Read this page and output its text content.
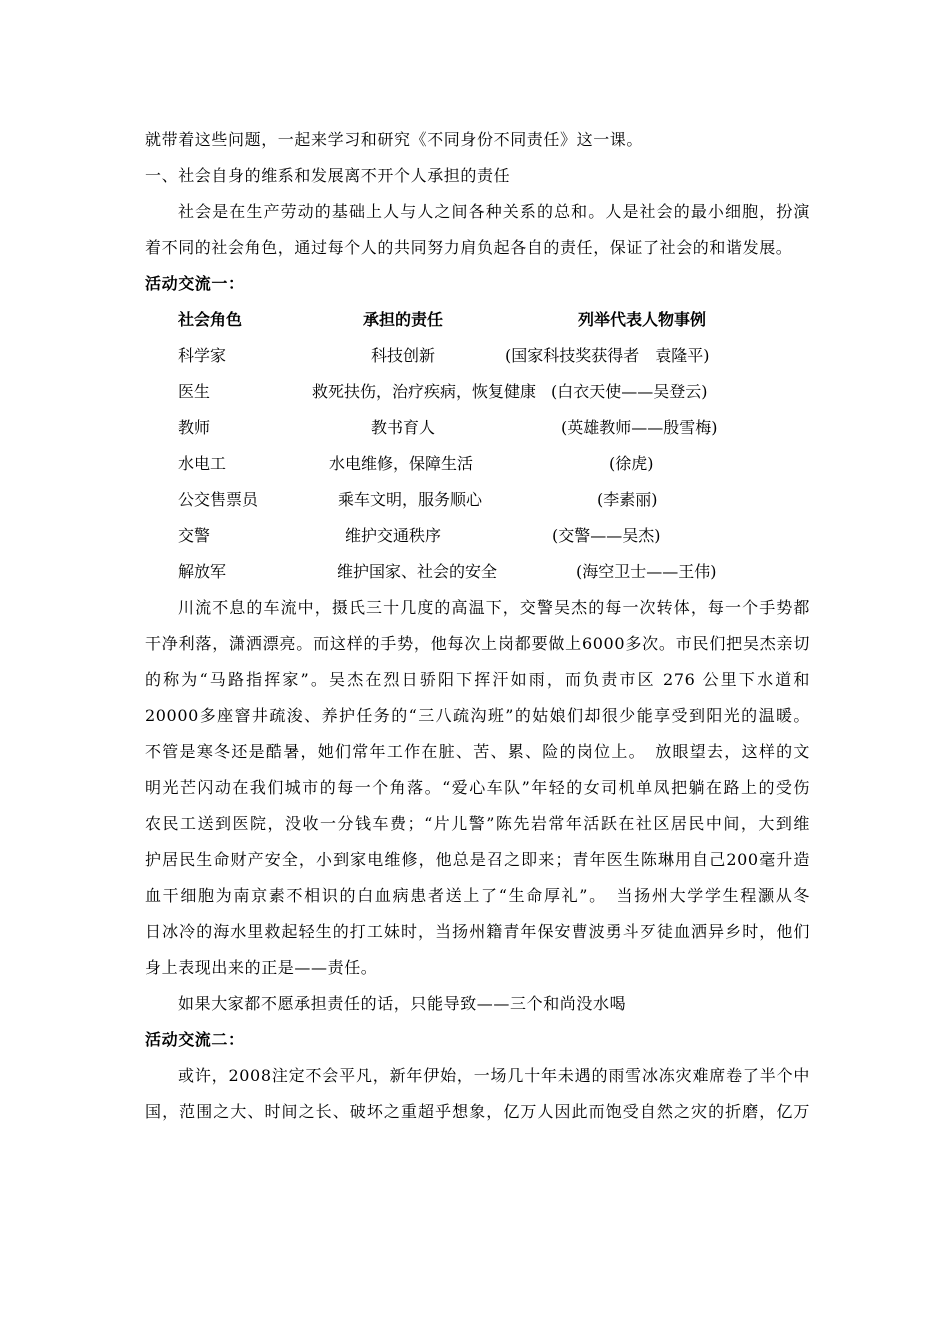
就带着这些问题，一起来学习和研究《不同身份不同责任》这一课。
一、社会自身的维系和发展离不开个人承担的责任
社会是在生产劳动的基础上人与人之间各种关系的总和。人是社会的最小细胞，扮演
着不同的社会角色，通过每个人的共同努力肩负起各自的责任，保证了社会的和谐发展。
活动交流一：
社会角色	承担的责任	列举代表人物事例
科学家	科技创新	(国家科技奖获得者　袁隆平)
医生	救死扶伤，治疗疾病，恢复健康 (白衣天使——吴登云)
教师	教书育人	(英雄教师——殷雪梅)
水电工	水电维修，保障生活	(徐虎)
公交售票员	乘车文明，服务顺心	(李素丽)
交警	维护交通秩序	(交警——吴杰)
解放军	维护国家、社会的安全	(海空卫士——王伟)
川流不息的车流中，摄氏三十几度的高温下，交警吴杰的每一次转体，每一个手势都
干净利落，潇洒漂亮。而这样的手势，他每次上岗都要做上6000多次。市民们把吴杰亲切
的称为“马路指挥家”。吴杰在烈日骄阳下挥汗如雨，而负责市区 276 公里下水道和
20000多座窨井疏浚、养护任务的“三八疏沟班”的姑娘们却很少能享受到阳光的温暖。
不管是寒冬还是酷暑，她们常年工作在脏、苦、累、险的岗位上。　放眼望去，这样的文
明光芒闪动在我们城市的每一个角落。“爱心车队”年轻的女司机单凤把躺在路上的受伤
农民工送到医院，没收一分钱车费；“片儿警”陈先岩常年活跃在社区居民中间，大到维
护居民生命财产安全，小到家电维修，他总是召之即来；青年医生陈琳用自己200毫升造
血干细胞为南京素不相识的白血病患者送上了“生命厚礼”。　当扬州大学学生程灏从冬
日冰冷的海水里救起轻生的打工妹时，当扬州籍青年保安曹波勇斗歹徒血洒异乡时，他们
身上表现出来的正是——责任。
如果大家都不愿承担责任的话，只能导致——三个和尚没水喝
活动交流二：
或许，2008注定不会平凡，新年伊始，一场几十年未遇的雨雪冰冻灾难席卷了半个中
国，范围之大、时间之长、破坏之重超乎想象，亿万人因此而饱受自然之灾的折磨，亿万
